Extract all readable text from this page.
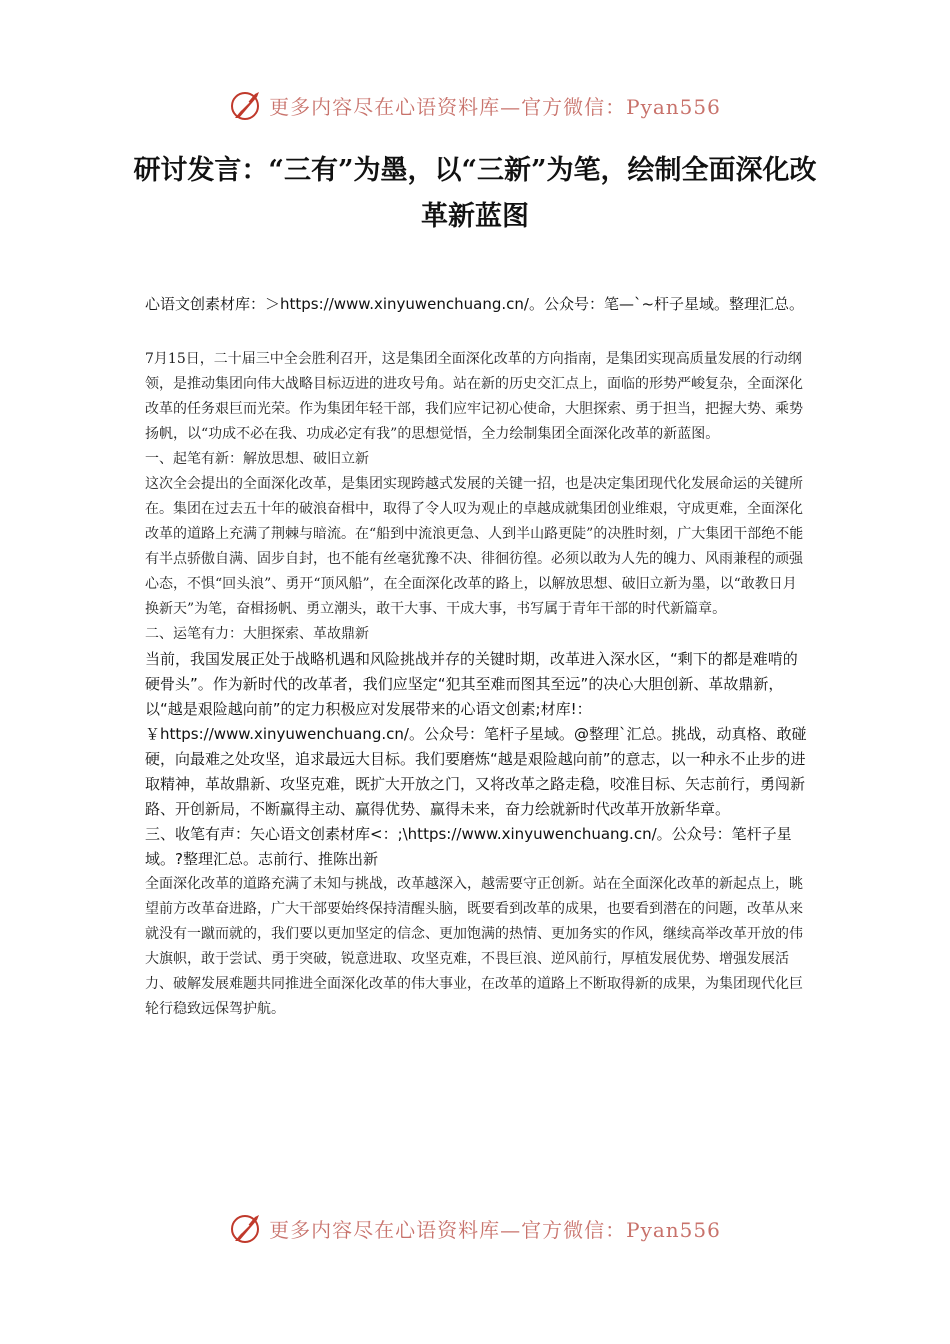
更多内容尽在心语资料库—官方微信：Pyan556
研讨发言：“三有”为墨，以“三新”为笔，绘制全面深化改革新蓝图

心语文创素材库：＞https://www.xinyuwenchuang.cn/。公众号：笔—`~杆子星域。整理汇总。

7月15日，二十届三中全会胜利召开，这是集团全面深化改革的方向指南，是集团实现高质量发展的行动纲领，是推动集团向伟大战略目标迈进的进攻号角。站在新的历史交汇点上，面临的形势严峻复杂，全面深化改革的任务艰巨而光荣。作为集团年轻干部，我们应牢记初心使命，大胆探索、勇于担当，把握大势、乘势扬帆，以“功成不必在我、功成必定有我”的思想觉悟，全力绘制集团全面深化改革的新蓝图。

一、起笔有新：解放思想、破旧立新

这次全会提出的全面深化改革，是集团实现跨越式发展的关键一招，也是决定集团现代化发展命运的关键所在。集团在过去五十年的破浪奋楫中，取得了令人叹为观止的卓越成就集团创业维艰，守成更难，全面深化改革的道路上充满了荆棘与暗流。在“船到中流浪更急、人到半山路更陡”的决胜时刻，广大集团干部绝不能有半点骄傲自满、固步自封，也不能有丝毫犹豫不决、徘徊彷徨。必须以敢为人先的魄力、风雨兼程的顽强心态，不惧“回头浪”、勇开“顶风船”，在全面深化改革的路上，以解放思想、破旧立新为墨，以“敢教日月换新天”为笔，奋楫扬帆、勇立潮头，敢干大事、干成大事，书写属于青年干部的时代新篇章。

二、运笔有力：大胆探索、革故鼎新

当前，我国发展正处于战略机遇和风险挑战并存的关键时期，改革进入深水区，“剩下的都是难啃的硬骨头”。作为新时代的改革者，我们应坚定“犯其至难而图其至远”的决心大胆创新、革故鼎新，以“越是艰险越向前”的定力积极应对发展带来的心语文创素;材库!：￥https://www.xinyuwenchuang.cn/。公众号：笔杆子星域。@整理`汇总。挑战，动真格、敢碰硬，向最难之处攻坚，追求最远大目标。我们要磨炼“越是艰险越向前”的意志，以一种永不止步的进取精神，革故鼎新、攻坚克难，既扩大开放之门，又将改革之路走稳，咬准目标、矢志前行，勇闯新路、开创新局，不断赢得主动、赢得优势、赢得未来，奋力绘就新时代改革开放新华章。

三、收笔有声：矢心语文创素材库<：;\https://www.xinyuwenchuang.cn/。公众号：笔杆子星域。?整理汇总。志前行、推陈出新

全面深化改革的道路充满了未知与挑战，改革越深入，越需要守正创新。站在全面深化改革的新起点上，眺望前方改革奋进路，广大干部要始终保持清醒头脑，既要看到改革的成果，也要看到潜在的问题，改革从来就没有一蹴而就的，我们要以更加坚定的信念、更加饱满的热情、更加务实的作风，继续高举改革开放的伟大旗帜，敢于尝试、勇于突破，锐意进取、攻坚克难，不畏巨浪、逆风前行，厚植发展优势、增强发展活力、破解发展难题共同推进全面深化改革的伟大事业，在改革的道路上不断取得新的成果，为集团现代化巨轮行稳致远保驾护航。

更多内容尽在心语资料库—官方微信：Pyan556
